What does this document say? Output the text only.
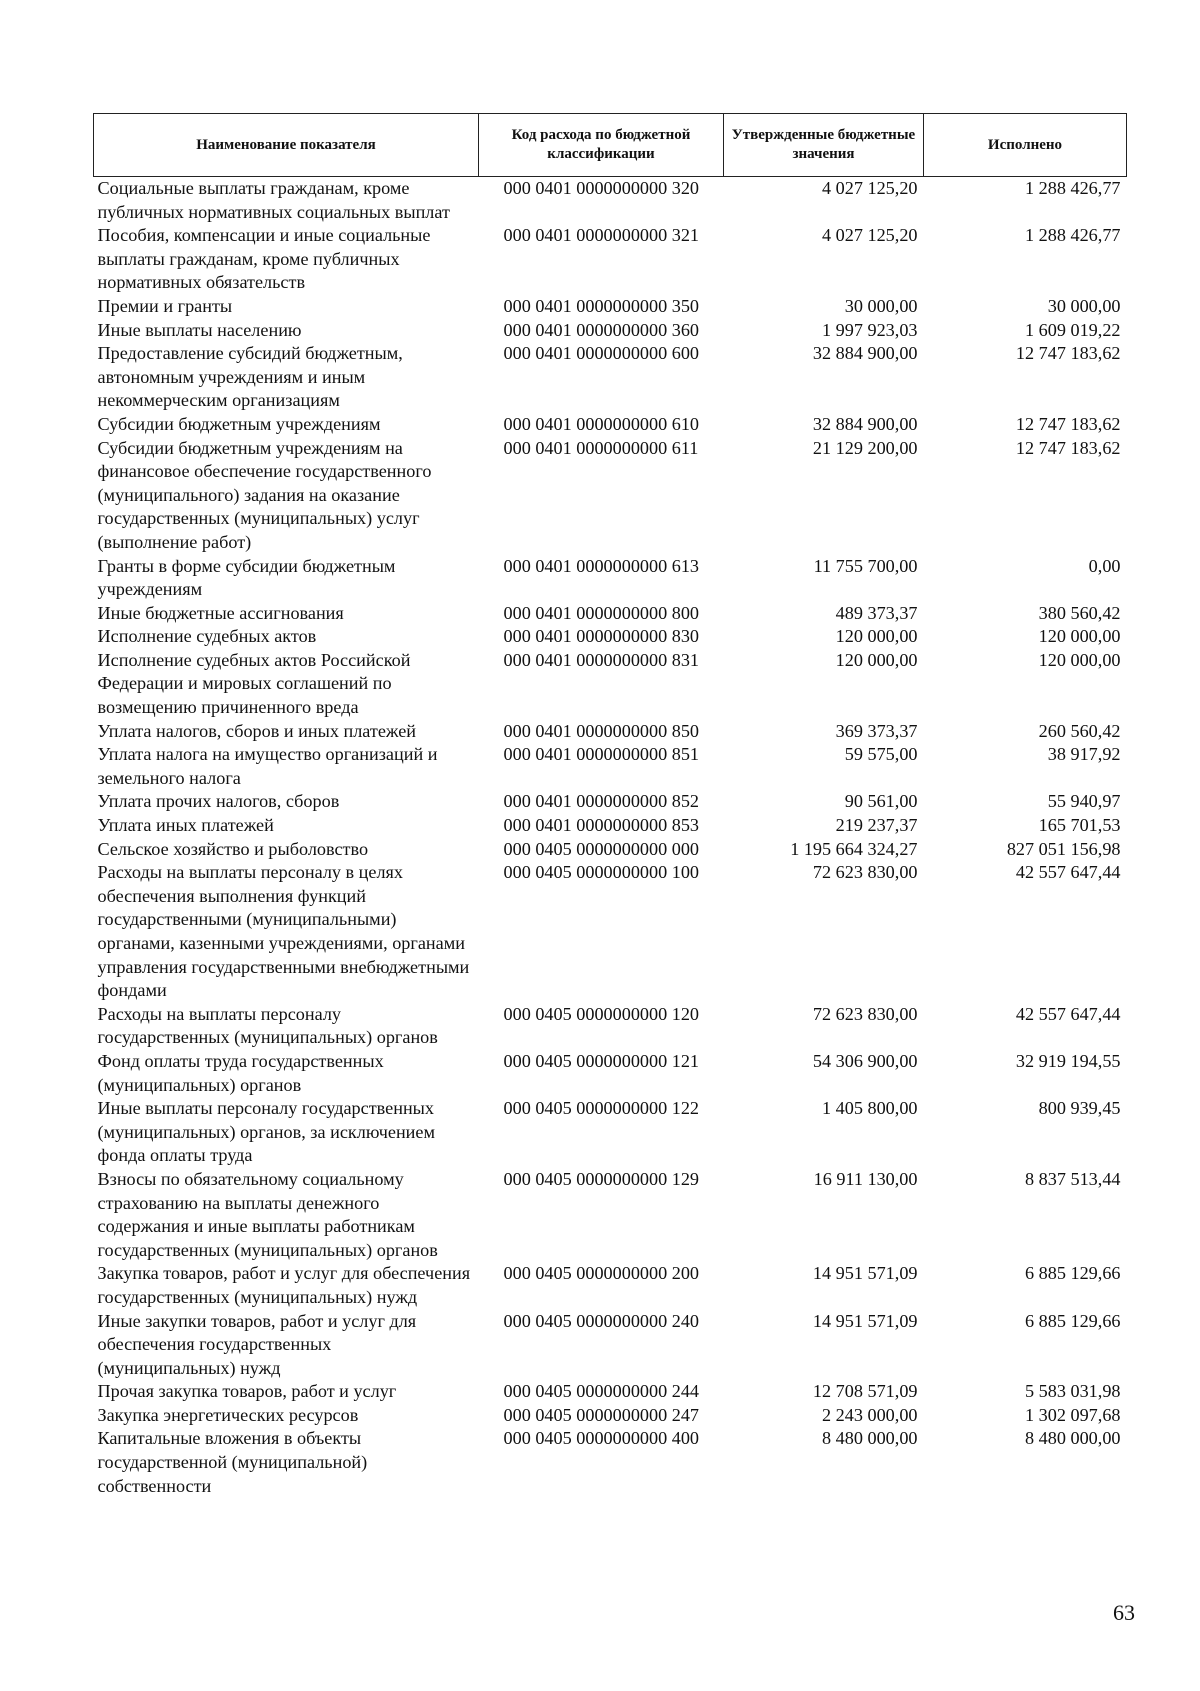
Наименование показателя	Код расхода по бюджетной классификации	Утвержденные бюджетные значения	Исполнено
Социальные выплаты гражданам, кроме публичных нормативных социальных выплат	000 0401 0000000000 320	4 027 125,20	1 288 426,77
Пособия, компенсации и иные социальные выплаты гражданам, кроме публичных нормативных обязательств	000 0401 0000000000 321	4 027 125,20	1 288 426,77
Премии и гранты	000 0401 0000000000 350	30 000,00	30 000,00
Иные выплаты населению	000 0401 0000000000 360	1 997 923,03	1 609 019,22
Предоставление субсидий бюджетным, автономным учреждениям и иным некоммерческим организациям	000 0401 0000000000 600	32 884 900,00	12 747 183,62
Субсидии бюджетным учреждениям	000 0401 0000000000 610	32 884 900,00	12 747 183,62
Субсидии бюджетным учреждениям на финансовое обеспечение государственного (муниципального) задания на оказание государственных (муниципальных) услуг (выполнение работ)	000 0401 0000000000 611	21 129 200,00	12 747 183,62
Гранты в форме субсидии бюджетным учреждениям	000 0401 0000000000 613	11 755 700,00	0,00
Иные бюджетные ассигнования	000 0401 0000000000 800	489 373,37	380 560,42
Исполнение судебных актов	000 0401 0000000000 830	120 000,00	120 000,00
Исполнение судебных актов Российской Федерации и мировых соглашений по возмещению причиненного вреда	000 0401 0000000000 831	120 000,00	120 000,00
Уплата налогов, сборов и иных платежей	000 0401 0000000000 850	369 373,37	260 560,42
Уплата налога на имущество организаций и земельного налога	000 0401 0000000000 851	59 575,00	38 917,92
Уплата прочих налогов, сборов	000 0401 0000000000 852	90 561,00	55 940,97
Уплата иных платежей	000 0401 0000000000 853	219 237,37	165 701,53
Сельское хозяйство и рыболовство	000 0405 0000000000 000	1 195 664 324,27	827 051 156,98
Расходы на выплаты персоналу в целях обеспечения выполнения функций государственными (муниципальными) органами, казенными учреждениями, органами управления государственными внебюджетными фондами	000 0405 0000000000 100	72 623 830,00	42 557 647,44
Расходы на выплаты персоналу государственных (муниципальных) органов	000 0405 0000000000 120	72 623 830,00	42 557 647,44
Фонд оплаты труда государственных (муниципальных) органов	000 0405 0000000000 121	54 306 900,00	32 919 194,55
Иные выплаты персоналу государственных (муниципальных) органов, за исключением фонда оплаты труда	000 0405 0000000000 122	1 405 800,00	800 939,45
Взносы по обязательному социальному страхованию на выплаты денежного содержания и иные выплаты работникам государственных (муниципальных) органов	000 0405 0000000000 129	16 911 130,00	8 837 513,44
Закупка товаров, работ и услуг для обеспечения государственных (муниципальных) нужд	000 0405 0000000000 200	14 951 571,09	6 885 129,66
Иные закупки товаров, работ и услуг для обеспечения государственных (муниципальных) нужд	000 0405 0000000000 240	14 951 571,09	6 885 129,66
Прочая закупка товаров, работ и услуг	000 0405 0000000000 244	12 708 571,09	5 583 031,98
Закупка энергетических ресурсов	000 0405 0000000000 247	2 243 000,00	1 302 097,68
Капитальные вложения в объекты государственной (муниципальной) собственности	000 0405 0000000000 400	8 480 000,00	8 480 000,00
63
